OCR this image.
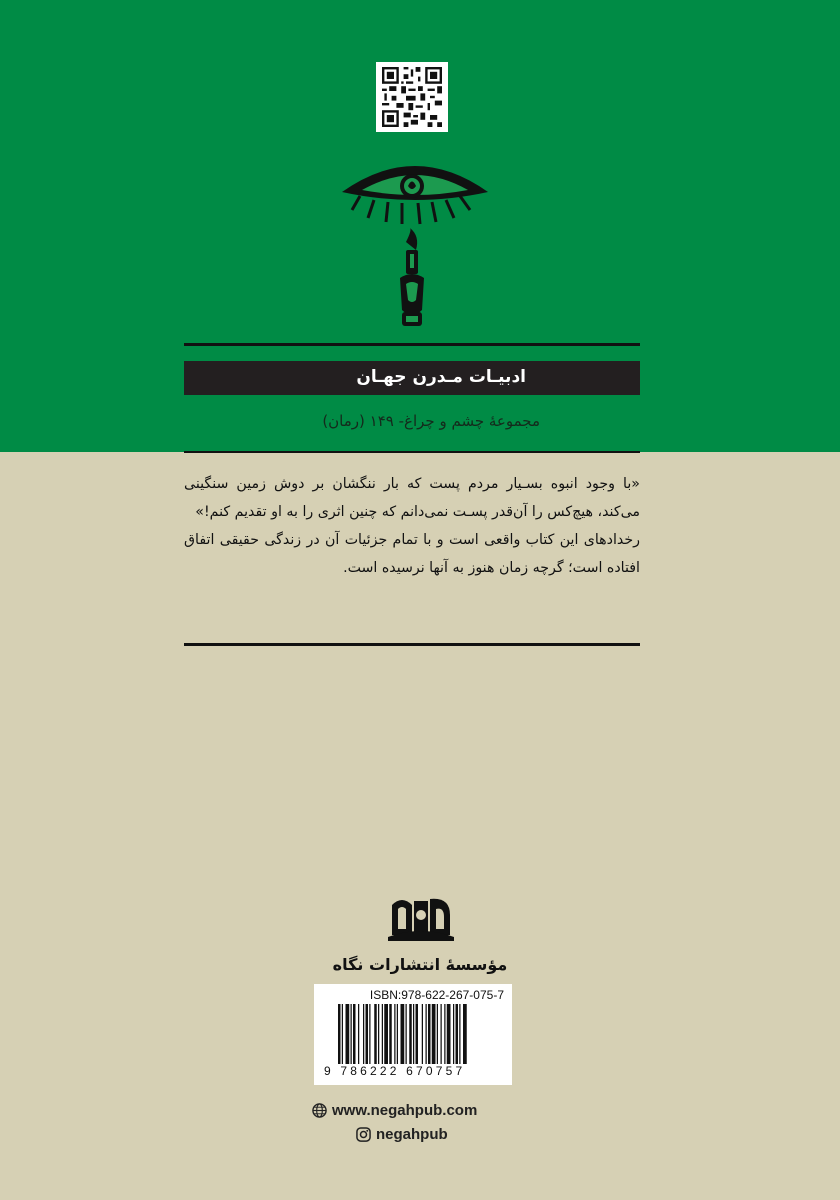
ادبیـات مـدرن جهـان
مجموعهٔ چشم و چراغ- ۱۴۹ (رمان)

«با وجود انبوه بسـیار مردم پست که بار ننگشان بر دوش زمین سنگینی می‌کند، هیچ‌کس را آن‌قدر پسـت نمی‌دانم که چنین اثری را به او تقدیم کنم!»

رخدادهای این کتاب واقعی است و با تمام جزئیات آن در زندگی حقیقی اتفاق افتاده است؛ گرچه زمان هنوز به آنها نرسیده است.

مؤسسهٔ انتشارات نگاه
ISBN:978-622-267-075-7
9 786222 670757
www.negahpub.com
negahpub
